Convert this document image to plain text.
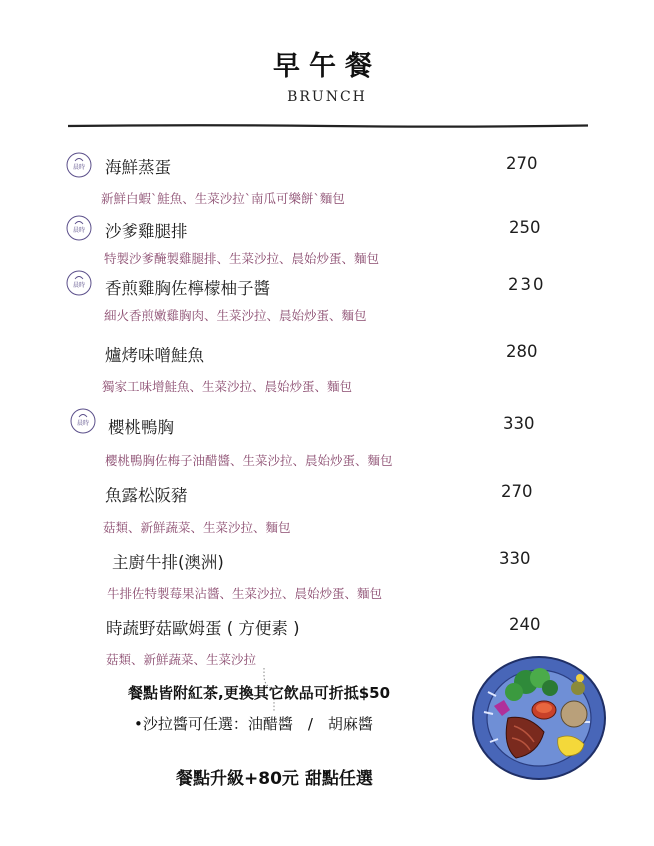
早午餐
BRUNCH
晨時 海鮮蒸蛋	270
新鮮白蝦ˋ鮭魚、生菜沙拉ˋ南瓜可樂餅ˋ麵包
晨時 沙爹雞腿排	250
特製沙爹醃製雞腿排、生菜沙拉、晨始炒蛋、麵包
晨時 香煎雞胸佐檸檬柚子醬	230
細火香煎嫩雞胸肉、生菜沙拉、晨始炒蛋、麵包
爐烤味噌鮭魚	280
獨家工味增鮭魚、生菜沙拉、晨始炒蛋、麵包
晨時 櫻桃鴨胸	330
櫻桃鴨胸佐梅子油醋醬、生菜沙拉、晨始炒蛋、麵包
魚露松阪豬	270
菇類、新鮮蔬菜、生菜沙拉、麵包
主廚牛排(澳洲)	330
牛排佐特製莓果沾醬、生菜沙拉、晨始炒蛋、麵包
時蔬野菇歐姆蛋 ( 方便素 )	240
菇類、新鮮蔬菜、生菜沙拉
餐點皆附紅茶,更換其它飲品可折抵$50
•沙拉醬可任選：油醋醬　/　胡麻醬
餐點升級+80元 甜點任選
